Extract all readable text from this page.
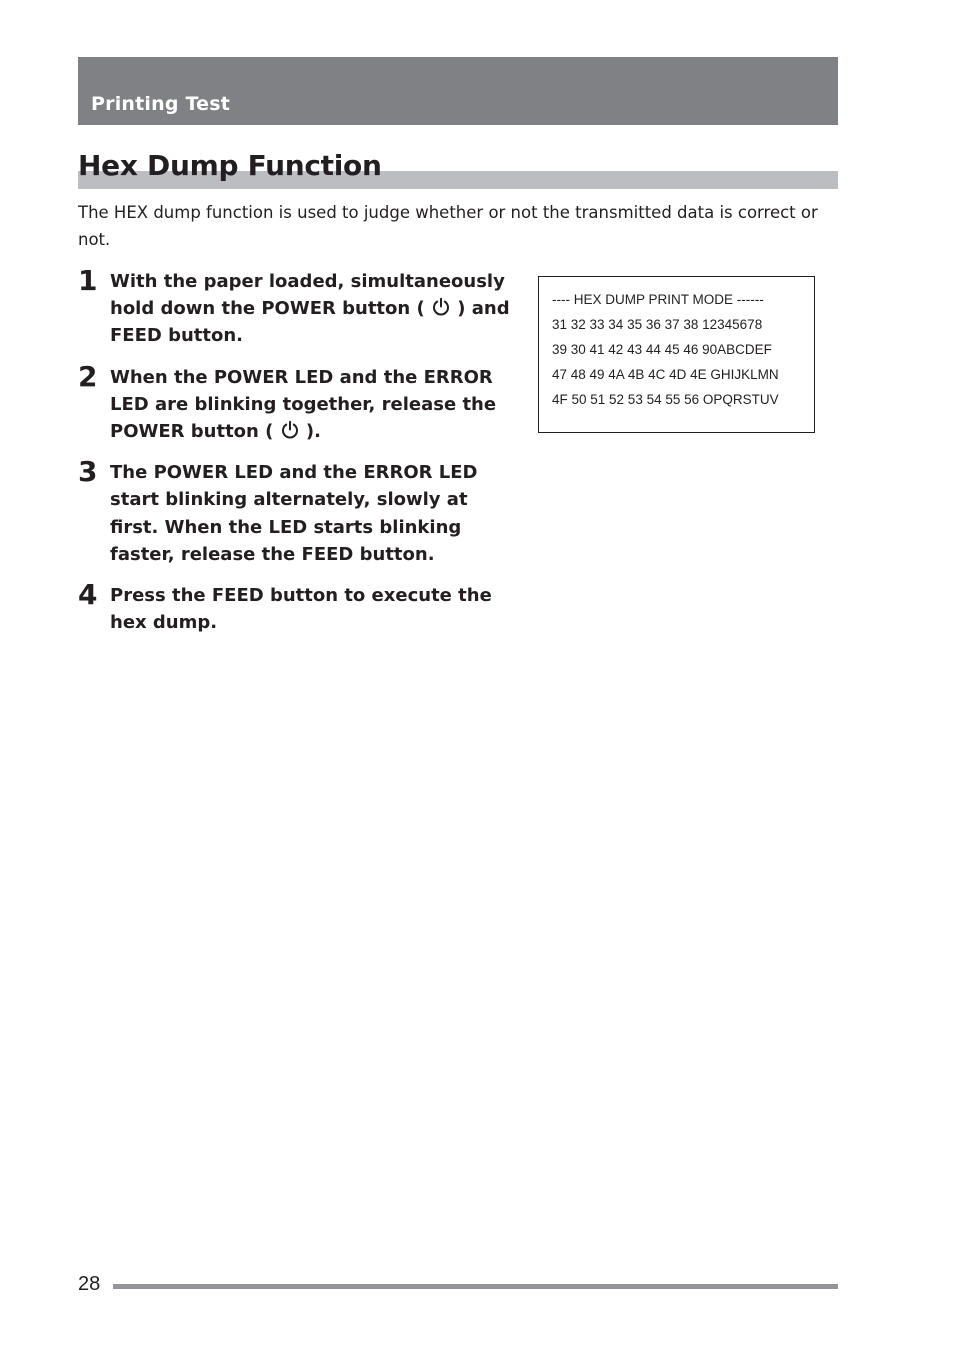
Printing Test
Hex Dump Function

The HEX dump function is used to judge whether or not the transmitted data is correct or not.

1 With the paper loaded, simultaneously hold down the POWER button ( ) and FEED button.
2 When the POWER LED and the ERROR LED are blinking together, release the POWER button ( ).
3 The POWER LED and the ERROR LED start blinking alternately, slowly at first. When the LED starts blinking faster, release the FEED button.
4 Press the FEED button to execute the hex dump.
---- HEX DUMP PRINT MODE ------
31 32 33 34 35 36 37 38 12345678
39 30 41 42 43 44 45 46 90ABCDEF
47 48 49 4A 4B 4C 4D 4E GHIJKLMN
4F 50 51 52 53 54 55 56 OPQRSTUV
28
